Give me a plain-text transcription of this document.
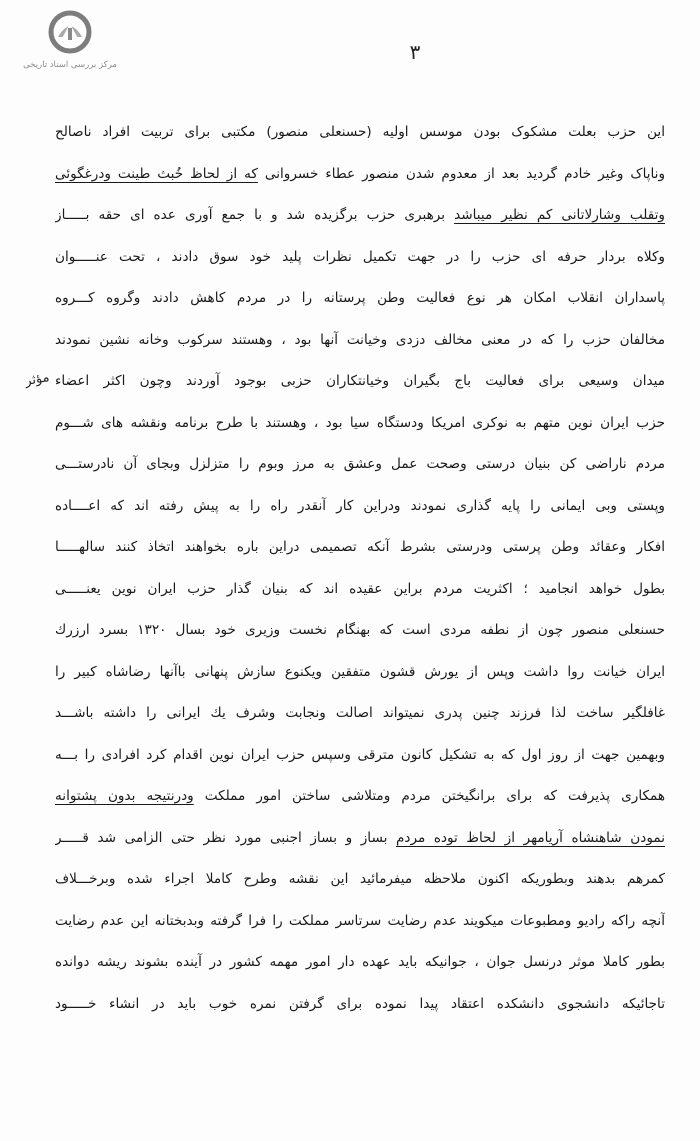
مرکز بررسی اسناد تاریخی
۳
مؤثر
این حزب بعلت مشکوک بودن موسس اولیه (حسنعلی منصور) مکتبی برای تربیت افراد ناصالح
وناپاک وغیر خادم گردید بعد از معدوم شدن منصور عطاء خسروانی که از لحاظ خُبث طینت ودرغگوئی
وتقلب وشارلاتانی کم نظیر میباشد برهبری حزب برگزیده شد و با جمع آوری عده ای حقه بـــــاز
وکلاه بردار حرفه ای حزب را در جهت تکمیل نظرات پلید خود سوق دادند ، تحت عنـــــوان
پاسداران انقلاب امکان هر نوع فعالیت وطن پرستانه را در مردم کاهش دادند وگروه کـــروه
مخالفان حزب را که در معنی مخالف دزدی وخیانت آنها بود ، وهستند سرکوب وخانه نشین نمودند
میدان وسیعی برای فعالیت باج بگیران وخیانتکاران حزبی بوجود آوردند وچون اکثر اعضاء
حزب ایران نوین متهم به نوکری امریکا ودستگاه سیا بود ، وهستند با طرح برنامه ونقشه های شـــوم
مردم ناراضی کن بنیان درستی وصحت عمل وعشق به مرز وبوم را متزلزل وبجای آن نادرستـــی
وپستی وبی ایمانی را پایه گذاری نمودند ودراین کار آنقدر راه را به پیش رفته اند که اعــــاده
افکار وعقائد وطن پرستی ودرستی بشرط آنکه تصمیمی دراین باره بخواهند اتخاذ کنند سالهـــــا
بطول خواهد انجامید ؛ اکثریت مردم براین عقیده اند که بنیان گذار حزب ایران نوین یعنـــــی
حسنعلی منصور چون از نطفه مردی است که بهنگام نخست وزیری خود بسال ۱۳۲۰ بسرد ارزرك
ایران خیانت روا داشت وپس از یورش قشون متفقین ویکنوع سازش پنهانی باآنها رضاشاه کبیر را
غافلگیر ساخت لذا فرزند چنین پدری نمیتواند اصالت ونجابت وشرف یك ایرانی را داشته باشـــد
وبهمین جهت از روز اول که به تشکیل کانون مترقی وسپس حزب ایران نوین اقدام کرد افرادی را بـــه
همکاری پذیرفت که برای برانگیختن مردم ومتلاشی ساختن امور مملکت ودرنتیجه بدون پشتوانه
نمودن شاهنشاه آریامهر از لحاظ توده مردم بساز و بساز اجنبی مورد نظر حتی الزامی شد قـــــر
کمرهم بدهند وبطوریکه اکنون ملاحظه میفرمائید این نقشه وطرح کاملا اجراء شده وبرخـــلاف
آنچه راکه رادیو ومطبوعات میکویند عدم رضایت سرتاسر مملکت را فرا گرفته وبدبختانه این عدم رضایت
بطور کاملا موثر درنسل جوان ، جوانیکه باید عهده دار امور مهمه کشور در آینده بشوند ریشه دوانده
تاجائیکه دانشجوی دانشکده اعتقاد پیدا نموده برای گرفتن نمره خوب باید در انشاء خـــــود
